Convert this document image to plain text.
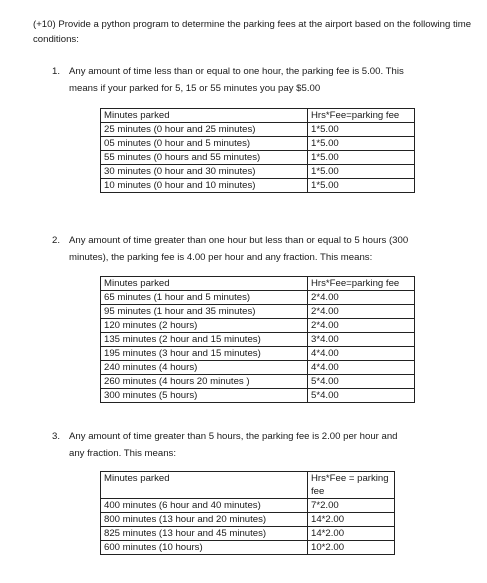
(+10) Provide a python program to determine the parking fees at the airport based on the following time conditions:
1. Any amount of time less than or equal to one hour, the parking fee is 5.00. This
means if your parked for 5, 15 or 55 minutes you pay $5.00
Minutes parked	Hrs*Fee=parking fee
25 minutes (0 hour and 25 minutes)	1*5.00
05 minutes (0 hour and 5 minutes)	1*5.00
55 minutes (0 hours and 55 minutes)	1*5.00
30 minutes (0 hour and 30 minutes)	1*5.00
10 minutes (0 hour and 10 minutes)	1*5.00
2. Any amount of time greater than one hour but less than or equal to 5 hours (300
minutes), the parking fee is 4.00 per hour and any fraction. This means:
Minutes parked	Hrs*Fee=parking fee
65 minutes (1 hour and 5 minutes)	2*4.00
95 minutes (1 hour and 35 minutes)	2*4.00
120 minutes (2 hours)	2*4.00
135 minutes (2 hour and 15 minutes)	3*4.00
195 minutes (3 hour and 15 minutes)	4*4.00
240 minutes (4 hours)	4*4.00
260 minutes (4 hours 20 minutes )	5*4.00
300 minutes (5 hours)	5*4.00
3. Any amount of time greater than 5 hours, the parking fee is 2.00 per hour and
any fraction. This means:
Minutes parked	Hrs*Fee = parking fee
400 minutes (6 hour and 40 minutes)	7*2.00
800 minutes (13 hour and 20 minutes)	14*2.00
825 minutes (13 hour and 45 minutes)	14*2.00
600 minutes (10 hours)	10*2.00
